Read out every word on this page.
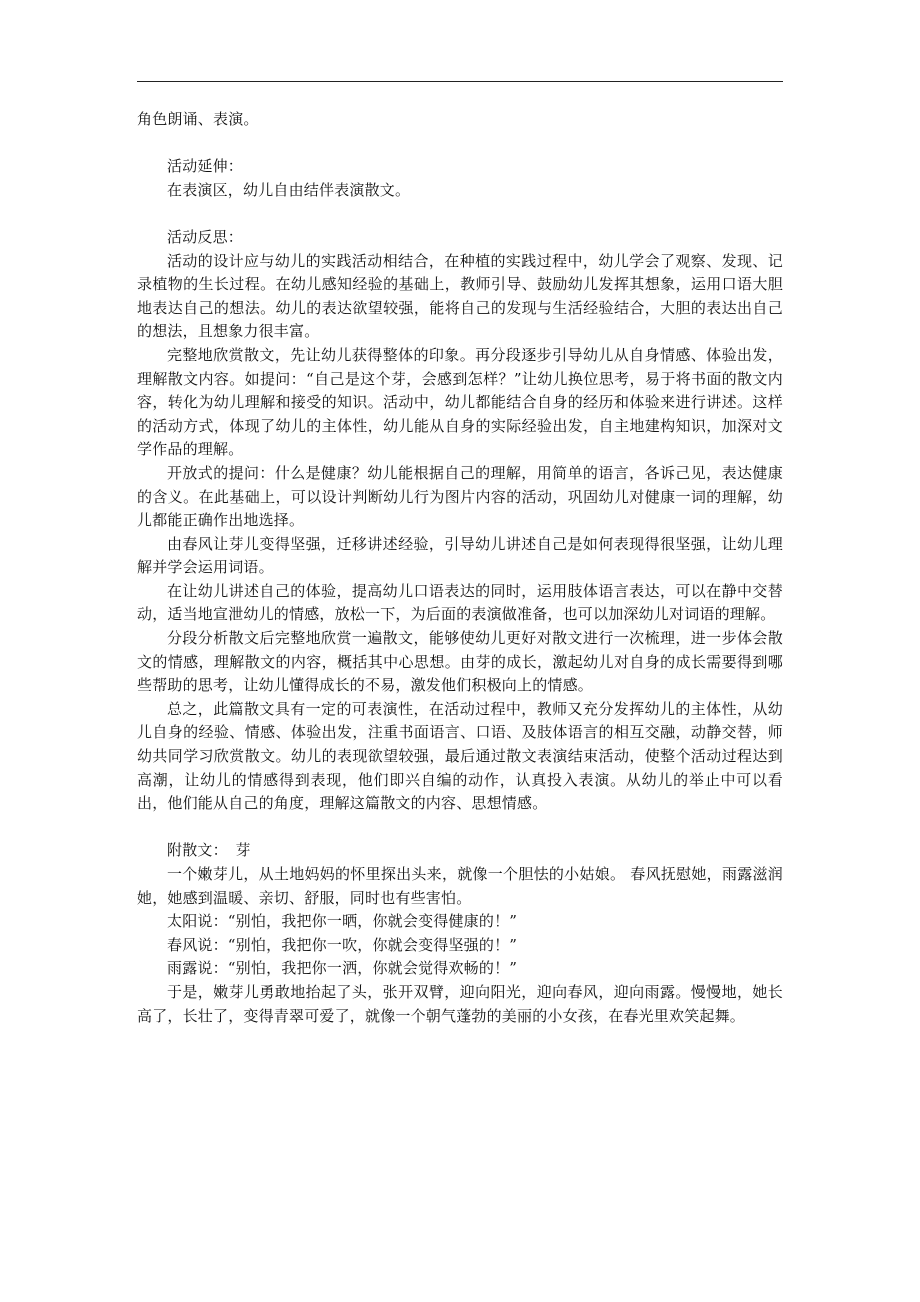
角色朗诵、表演。

活动延伸：

在表演区，幼儿自由结伴表演散文。

活动反思：

活动的设计应与幼儿的实践活动相结合，在种植的实践过程中，幼儿学会了观察、发现、记录植物的生长过程。在幼儿感知经验的基础上，教师引导、鼓励幼儿发挥其想象，运用口语大胆地表达自己的想法。幼儿的表达欲望较强，能将自己的发现与生活经验结合，大胆的表达出自己的想法，且想象力很丰富。

完整地欣赏散文，先让幼儿获得整体的印象。再分段逐步引导幼儿从自身情感、体验出发，理解散文内容。如提问：“自己是这个芽，会感到怎样？”让幼儿换位思考，易于将书面的散文内容，转化为幼儿理解和接受的知识。活动中，幼儿都能结合自身的经历和体验来进行讲述。这样的活动方式，体现了幼儿的主体性，幼儿能从自身的实际经验出发，自主地建构知识，加深对文学作品的理解。

开放式的提问：什么是健康？幼儿能根据自己的理解，用简单的语言，各诉己见，表达健康的含义。在此基础上，可以设计判断幼儿行为图片内容的活动，巩固幼儿对健康一词的理解，幼儿都能正确作出地选择。

由春风让芽儿变得坚强，迁移讲述经验，引导幼儿讲述自己是如何表现得很坚强，让幼儿理解并学会运用词语。

在让幼儿讲述自己的体验，提高幼儿口语表达的同时，运用肢体语言表达，可以在静中交替动，适当地宣泄幼儿的情感，放松一下，为后面的表演做准备，也可以加深幼儿对词语的理解。

分段分析散文后完整地欣赏一遍散文，能够使幼儿更好对散文进行一次梳理，进一步体会散文的情感，理解散文的内容，概括其中心思想。由芽的成长，激起幼儿对自身的成长需要得到哪些帮助的思考，让幼儿懂得成长的不易，激发他们积极向上的情感。

总之，此篇散文具有一定的可表演性，在活动过程中，教师又充分发挥幼儿的主体性，从幼儿自身的经验、情感、体验出发，注重书面语言、口语、及肢体语言的相互交融，动静交替，师幼共同学习欣赏散文。幼儿的表现欲望较强，最后通过散文表演结束活动，使整个活动过程达到高潮，让幼儿的情感得到表现，他们即兴自编的动作，认真投入表演。从幼儿的举止中可以看出，他们能从自己的角度，理解这篇散文的内容、思想情感。

附散文：　芽

一个嫩芽儿，从土地妈妈的怀里探出头来，就像一个胆怯的小姑娘。 春风抚慰她，雨露滋润她，她感到温暖、亲切、舒服，同时也有些害怕。

太阳说：“别怕，我把你一晒，你就会变得健康的！”

春风说：“别怕，我把你一吹，你就会变得坚强的！”

雨露说：“别怕，我把你一洒，你就会觉得欢畅的！”

于是，嫩芽儿勇敢地抬起了头，张开双臂，迎向阳光，迎向春风，迎向雨露。慢慢地，她长高了，长壮了，变得青翠可爱了，就像一个朝气蓬勃的美丽的小女孩，在春光里欢笑起舞。
